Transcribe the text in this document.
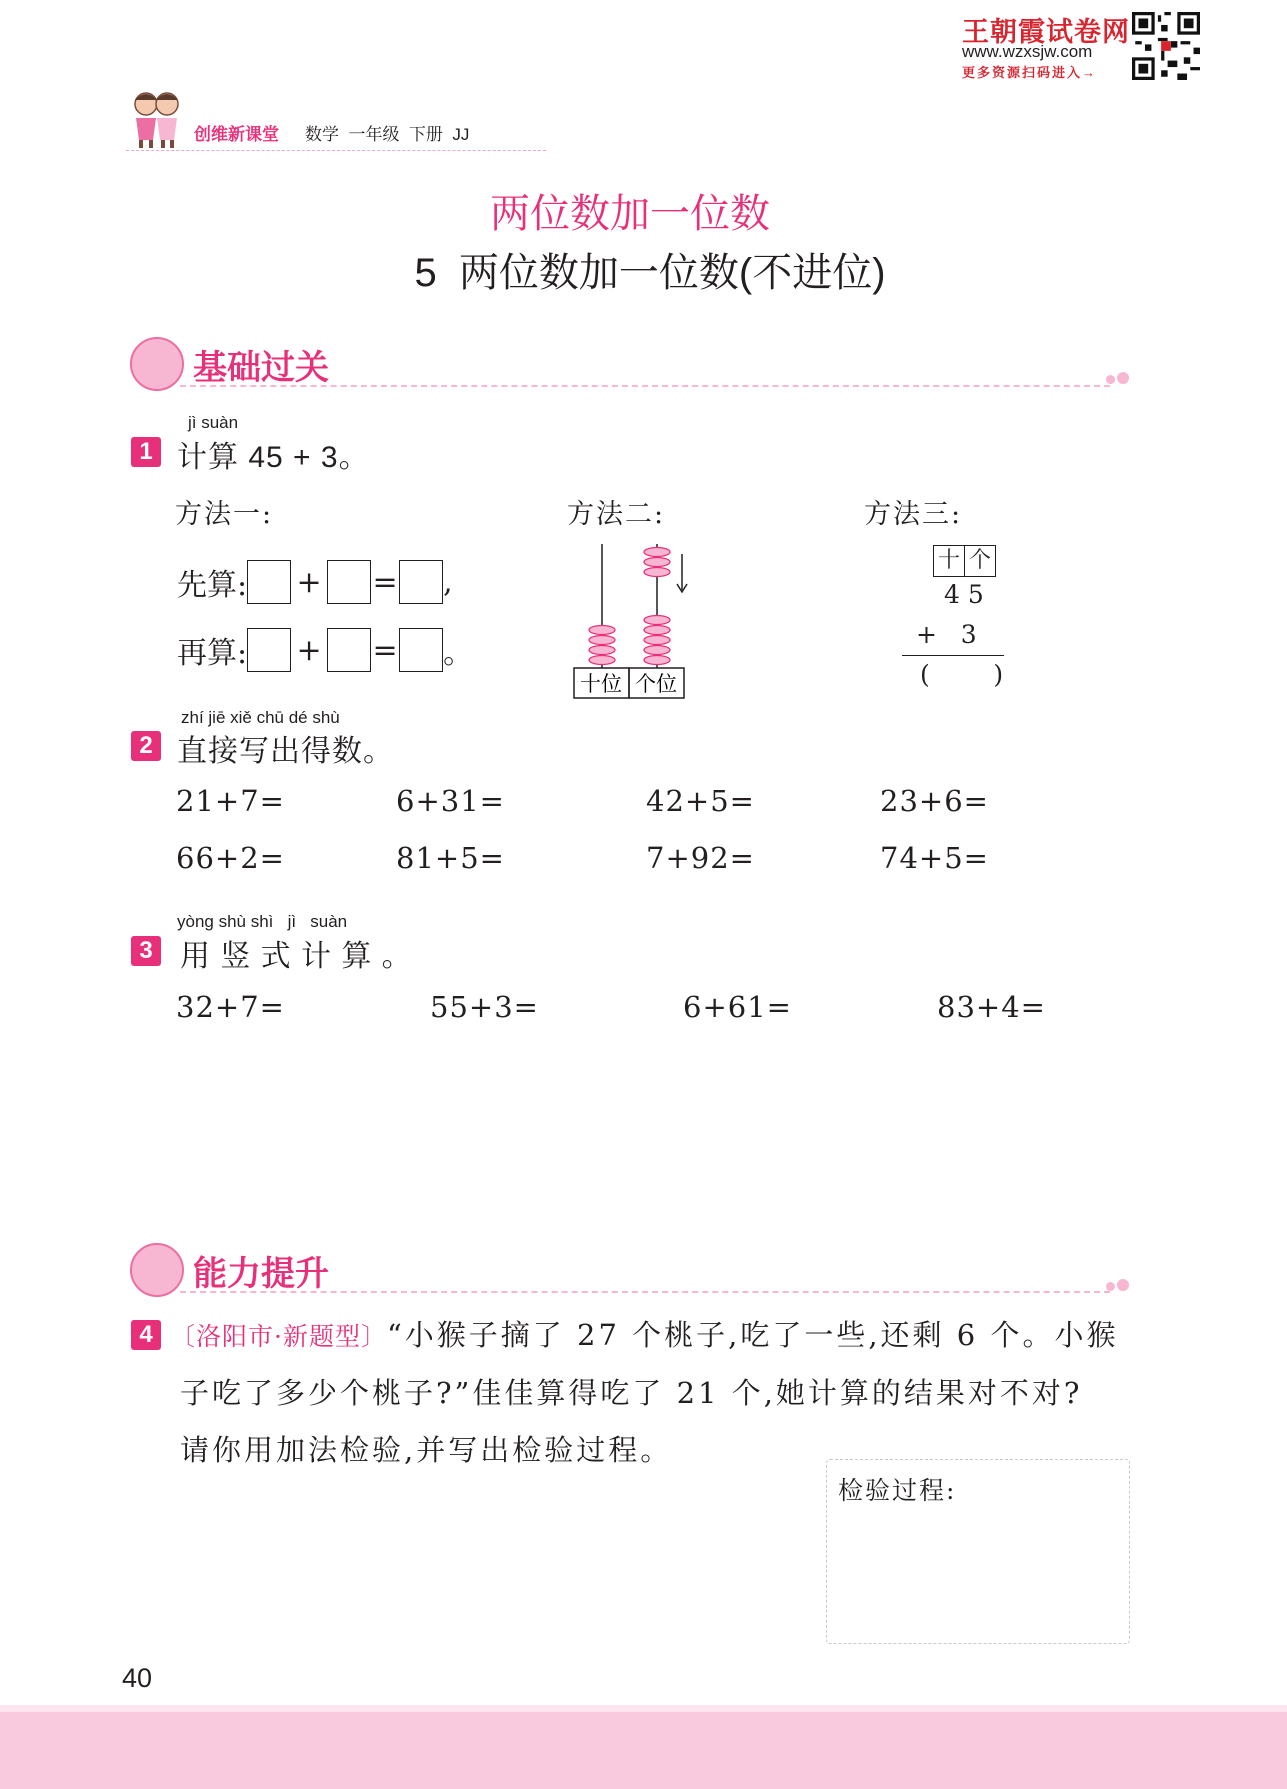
王朝霞试卷网
www.wzxsjw.com
更多资源扫码进入→
创维新课堂 数学  一年级  下册  JJ
两位数加一位数
5  两位数加一位数(不进位)
基础过关
jì suàn
1 计算 45 + 3。
方法一:	方法二:	方法三:
先算: + = ,
再算: + = 。
十位 个位
十 个
4 5
+   3
(        )
zhí jiē xiě chū dé shù
2 直接写出得数。
21+7=	6+31=	42+5=	23+6=
66+2=	81+5=	7+92=	74+5=
yòng shù shì   jì   suàn
3 用 竖 式 计 算 。
32+7=	55+3=	6+61=	83+4=
能力提升
4 〔洛阳市·新题型〕“小猴子摘了 27 个桃子,吃了一些,还剩 6 个。小猴
子吃了多少个桃子?”佳佳算得吃了 21 个,她计算的结果对不对?
请你用加法检验,并写出检验过程。
检验过程:
40
